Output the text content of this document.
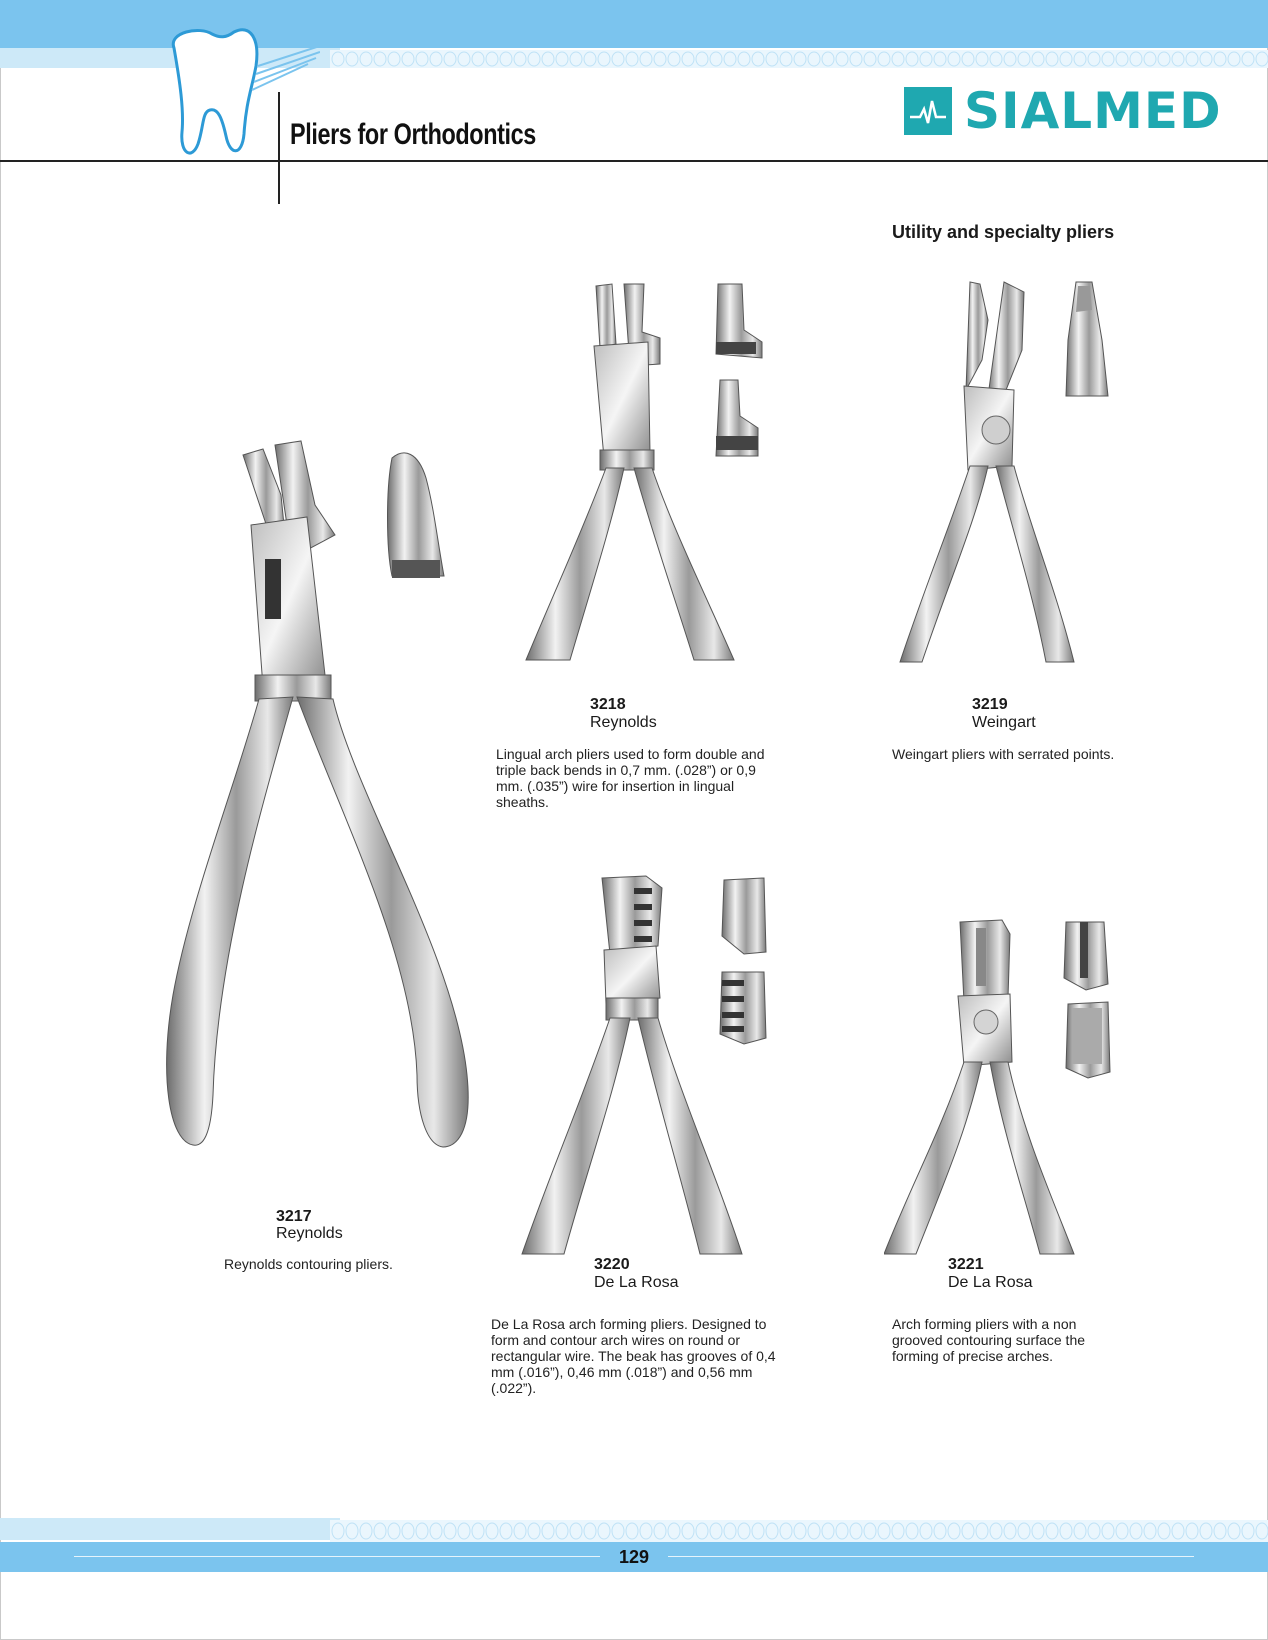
Pliers for Orthodontics	SIALMED
Utility and specialty pliers
3217
Reynolds
Reynolds contouring pliers.
3218
Reynolds
Lingual arch pliers used to form double and triple back bends in 0,7 mm. (.028”) or 0,9 mm. (.035”) wire for insertion in lingual sheaths.
3219
Weingart
Weingart pliers with serrated points.
3220
De La Rosa
De La Rosa arch forming pliers. Designed to form and contour arch wires on round or rectangular wire. The beak has grooves of 0,4 mm (.016”), 0,46 mm (.018”) and 0,56 mm (.022”).
3221
De La Rosa
Arch forming pliers with a non grooved contouring surface the forming of precise arches.
129
